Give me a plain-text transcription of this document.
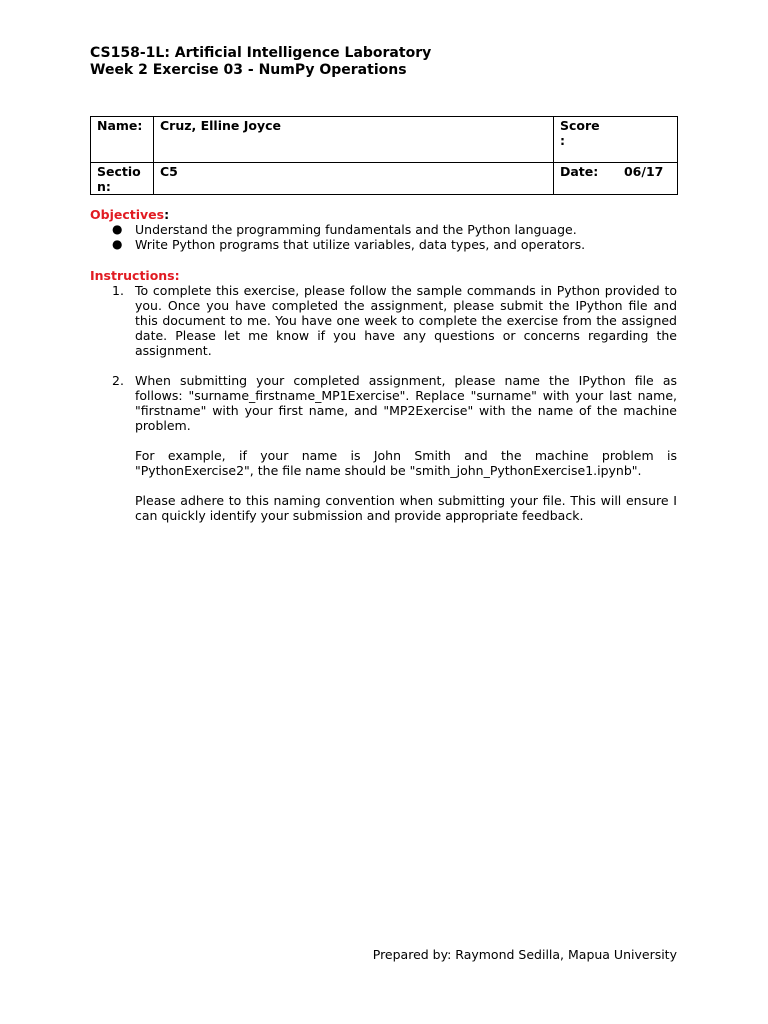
CS158-1L: Artificial Intelligence Laboratory
Week 2 Exercise 03 - NumPy Operations
Name:	Cruz, Elline Joyce	Score :

Section:	C5	Date: 06/17
Objectives:
● Understand the programming fundamentals and the Python language.
● Write Python programs that utilize variables, data types, and operators.
Instructions:
1. To complete this exercise, please follow the sample commands in Python provided to you. Once you have completed the assignment, please submit the IPython file and this document to me. You have one week to complete the exercise from the assigned date. Please let me know if you have any questions or concerns regarding the assignment.

2. When submitting your completed assignment, please name the IPython file as follows: "surname_firstname_MP1Exercise". Replace "surname" with your last name, "firstname" with your first name, and "MP2Exercise" with the name of the machine problem.

For example, if your name is John Smith and the machine problem is "PythonExercise2", the file name should be "smith_john_PythonExercise1.ipynb".

Please adhere to this naming convention when submitting your file. This will ensure I can quickly identify your submission and provide appropriate feedback.

Prepared by: Raymond Sedilla, Mapua University
